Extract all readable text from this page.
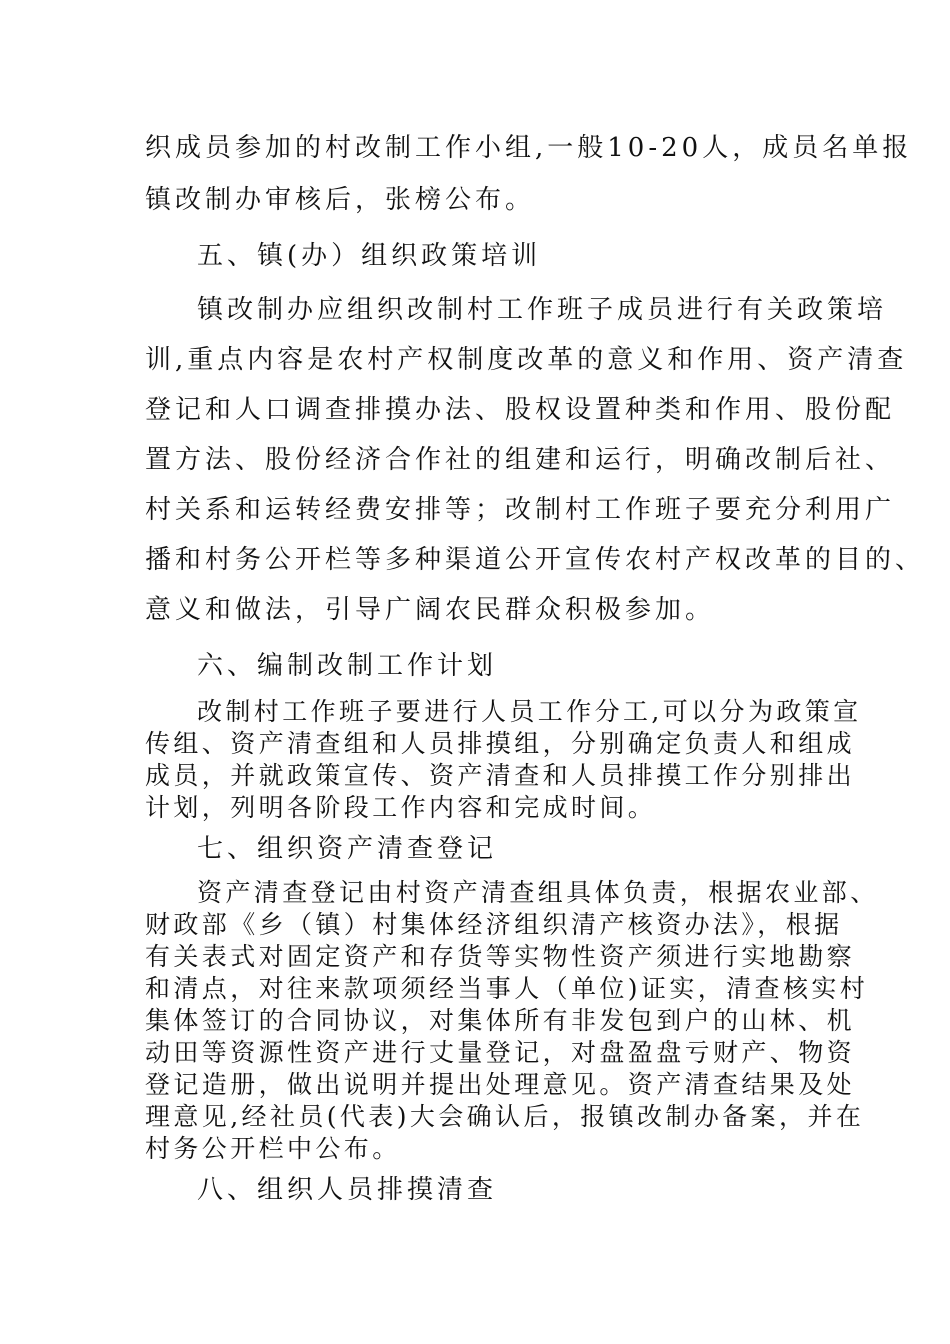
织成员参加的村改制工作小组,一般10-20人，成员名单报
镇改制办审核后，张榜公布。
五、镇(办）组织政策培训
镇改制办应组织改制村工作班子成员进行有关政策培
训,重点内容是农村产权制度改革的意义和作用、资产清查
登记和人口调查排摸办法、股权设置种类和作用、股份配
置方法、股份经济合作社的组建和运行，明确改制后社、
村关系和运转经费安排等；改制村工作班子要充分利用广
播和村务公开栏等多种渠道公开宣传农村产权改革的目的、
意义和做法，引导广阔农民群众积极参加。
六、编制改制工作计划
改制村工作班子要进行人员工作分工,可以分为政策宣
传组、资产清查组和人员排摸组，分别确定负责人和组成
成员，并就政策宣传、资产清查和人员排摸工作分别排出
计划，列明各阶段工作内容和完成时间。
七、组织资产清查登记
资产清查登记由村资产清查组具体负责，根据农业部、
财政部《乡（镇）村集体经济组织清产核资办法》，根据
有关表式对固定资产和存货等实物性资产须进行实地勘察
和清点，对往来款项须经当事人（单位)证实，清查核实村
集体签订的合同协议，对集体所有非发包到户的山林、机
动田等资源性资产进行丈量登记，对盘盈盘亏财产、物资
登记造册，做出说明并提出处理意见。资产清查结果及处
理意见,经社员(代表)大会确认后，报镇改制办备案，并在
村务公开栏中公布。
八、组织人员排摸清查
